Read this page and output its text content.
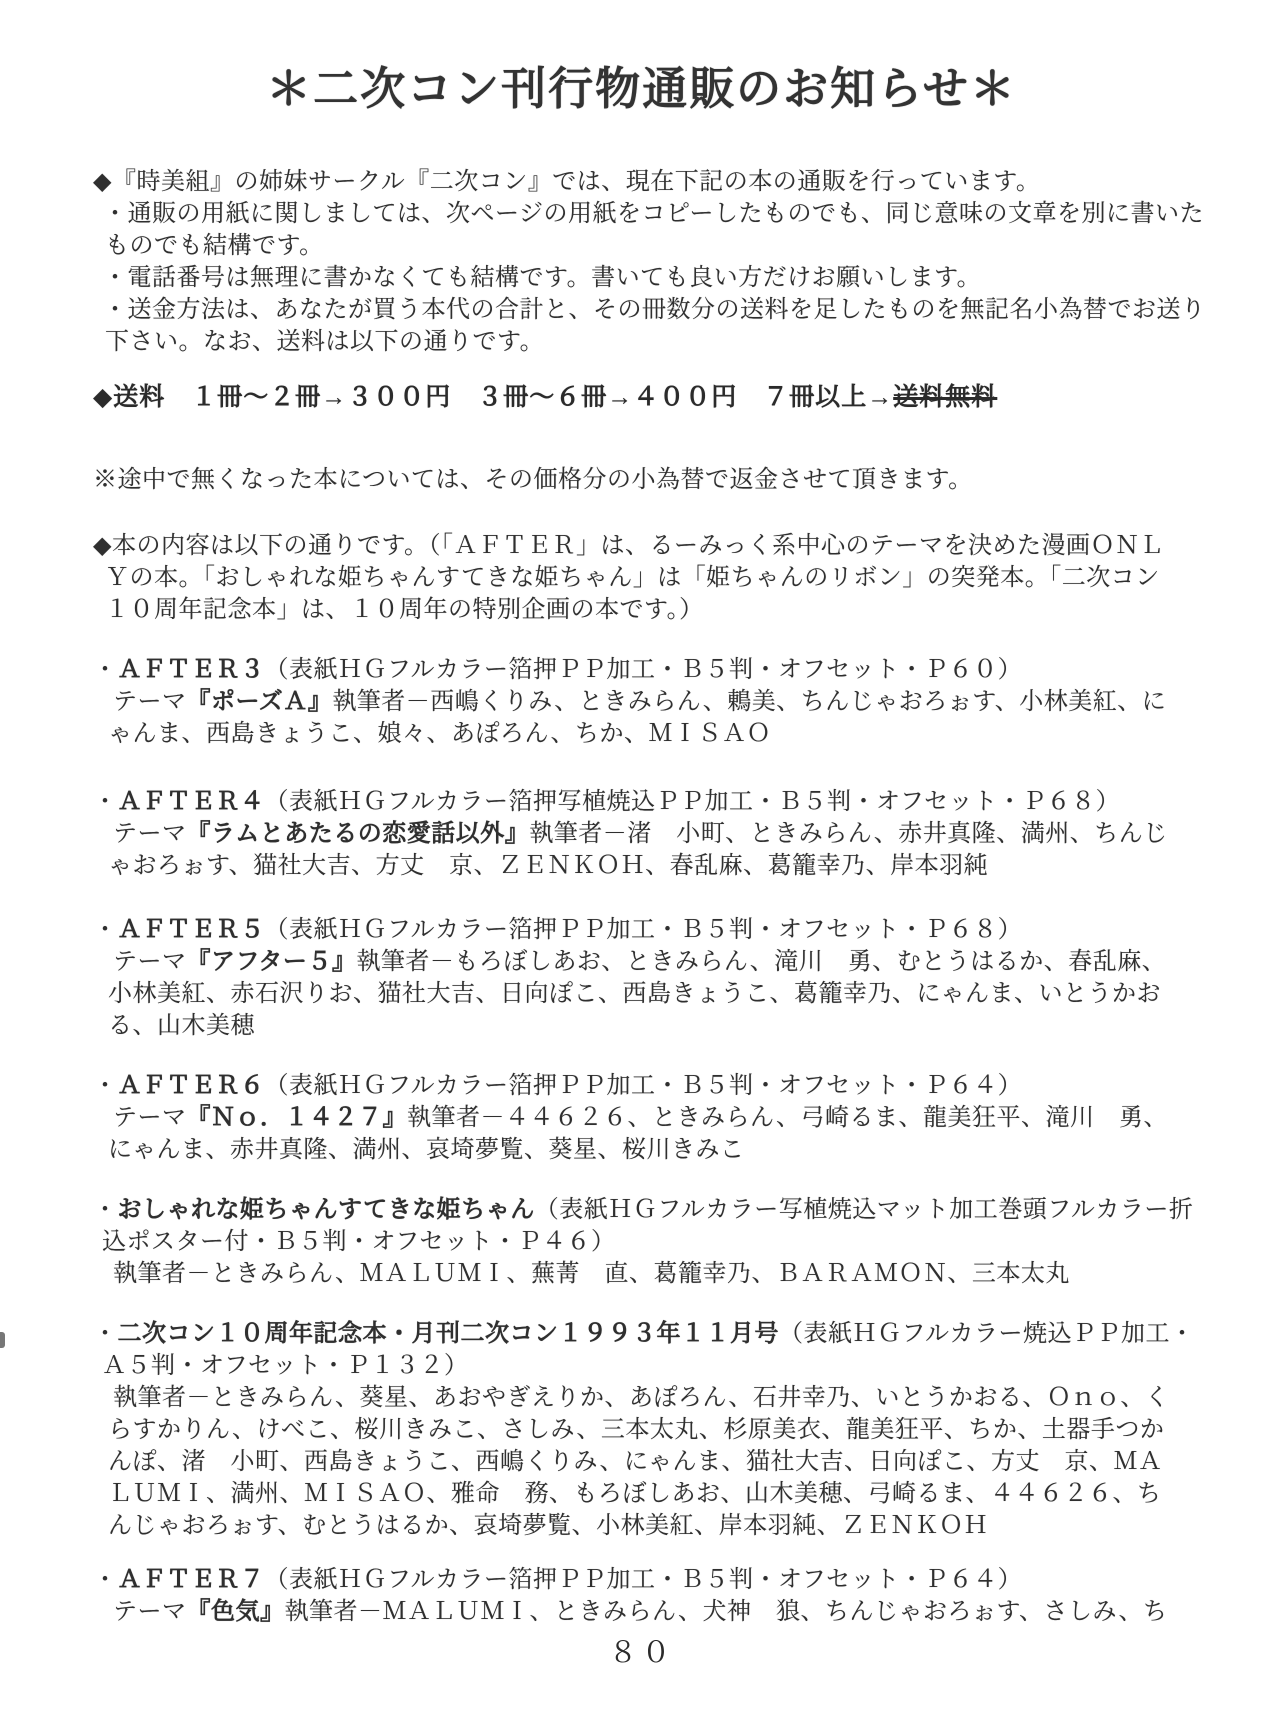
＊二次コン刊行物通販のお知らせ＊
◆『時美組』の姉妹サークル『二次コン』では、現在下記の本の通販を行っています。
・通販の用紙に関しましては、次ページの用紙をコピーしたものでも、同じ意味の文章を別に書いた
ものでも結構です。
・電話番号は無理に書かなくても結構です。書いても良い方だけお願いします。
・送金方法は、あなたが買う本代の合計と、その冊数分の送料を足したものを無記名小為替でお送り
下さい。なお、送料は以下の通りです。
◆送料　１冊～２冊→３００円　３冊～６冊→４００円　７冊以上→送料無料
※途中で無くなった本については、その価格分の小為替で返金させて頂きます。
◆本の内容は以下の通りです。（「ＡＦＴＥＲ」は、るーみっく系中心のテーマを決めた漫画ＯＮＬ
Ｙの本。「おしゃれな姫ちゃんすてきな姫ちゃん」は「姫ちゃんのリボン」の突発本。「二次コン
１０周年記念本」は、１０周年の特別企画の本です。）
・ＡＦＴＥＲ３（表紙ＨＧフルカラー箔押ＰＰ加工・Ｂ５判・オフセット・Ｐ６０）
テーマ『ポーズＡ』執筆者－西嶋くりみ、ときみらん、鶇美、ちんじゃおろぉす、小林美紅、に
ゃんま、西島きょうこ、娘々、あぽろん、ちか、ＭＩＳＡＯ
・ＡＦＴＥＲ４（表紙ＨＧフルカラー箔押写植焼込ＰＰ加工・Ｂ５判・オフセット・Ｐ６８）
テーマ『ラムとあたるの恋愛話以外』執筆者－渚　小町、ときみらん、赤井真隆、満州、ちんじ
ゃおろぉす、猫社大吉、方丈　京、ＺＥＮＫＯＨ、春乱麻、葛籠幸乃、岸本羽純
・ＡＦＴＥＲ５（表紙ＨＧフルカラー箔押ＰＰ加工・Ｂ５判・オフセット・Ｐ６８）
テーマ『アフター５』執筆者－もろぼしあお、ときみらん、滝川　勇、むとうはるか、春乱麻、
小林美紅、赤石沢りお、猫社大吉、日向ぽこ、西島きょうこ、葛籠幸乃、にゃんま、いとうかお
る、山木美穂
・ＡＦＴＥＲ６（表紙ＨＧフルカラー箔押ＰＰ加工・Ｂ５判・オフセット・Ｐ６４）
テーマ『Ｎｏ．１４２７』執筆者－４４６２６、ときみらん、弓崎るま、龍美狂平、滝川　勇、
にゃんま、赤井真隆、満州、哀埼夢覧、葵星、桜川きみこ
・おしゃれな姫ちゃんすてきな姫ちゃん（表紙ＨＧフルカラー写植焼込マット加工巻頭フルカラー折
込ポスター付・Ｂ５判・オフセット・Ｐ４６）
執筆者－ときみらん、ＭＡＬＵＭＩ、蕪菁　直、葛籠幸乃、ＢＡＲＡＭＯＮ、三本太丸
・二次コン１０周年記念本・月刊二次コン１９９３年１１月号（表紙ＨＧフルカラー焼込ＰＰ加工・
Ａ５判・オフセット・Ｐ１３２）
執筆者－ときみらん、葵星、あおやぎえりか、あぽろん、石井幸乃、いとうかおる、Ｏｎｏ、く
らすかりん、けべこ、桜川きみこ、さしみ、三本太丸、杉原美衣、龍美狂平、ちか、土器手つか
んぽ、渚　小町、西島きょうこ、西嶋くりみ、にゃんま、猫社大吉、日向ぽこ、方丈　京、ＭＡ
ＬＵＭＩ、満州、ＭＩＳＡＯ、雅命　務、もろぼしあお、山木美穂、弓崎るま、４４６２６、ち
んじゃおろぉす、むとうはるか、哀埼夢覧、小林美紅、岸本羽純、ＺＥＮＫＯＨ
・ＡＦＴＥＲ７（表紙ＨＧフルカラー箔押ＰＰ加工・Ｂ５判・オフセット・Ｐ６４）
テーマ『色気』執筆者－ＭＡＬＵＭＩ、ときみらん、犬神　狼、ちんじゃおろぉす、さしみ、ち
８０
